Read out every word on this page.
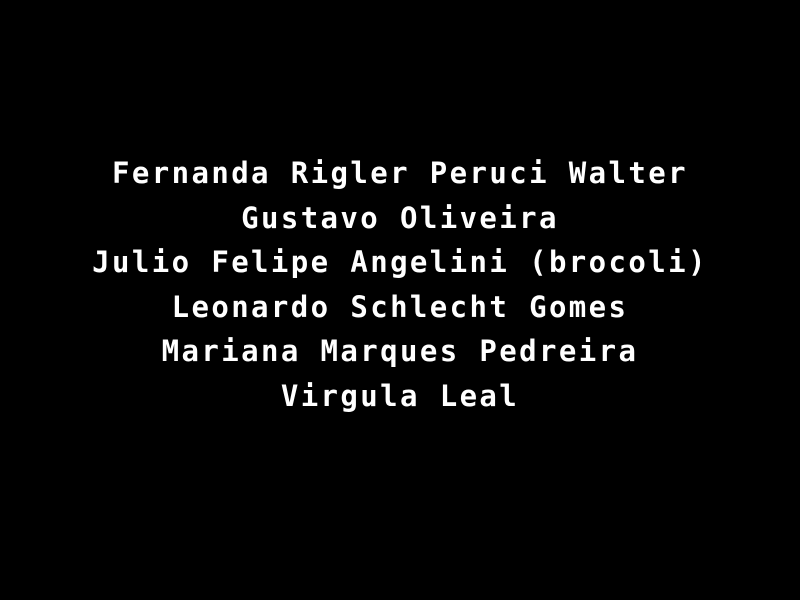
Fernanda Rigler Peruci Walter
Gustavo Oliveira
Julio Felipe Angelini (brocoli)
Leonardo Schlecht Gomes
Mariana Marques Pedreira
Virgula Leal
